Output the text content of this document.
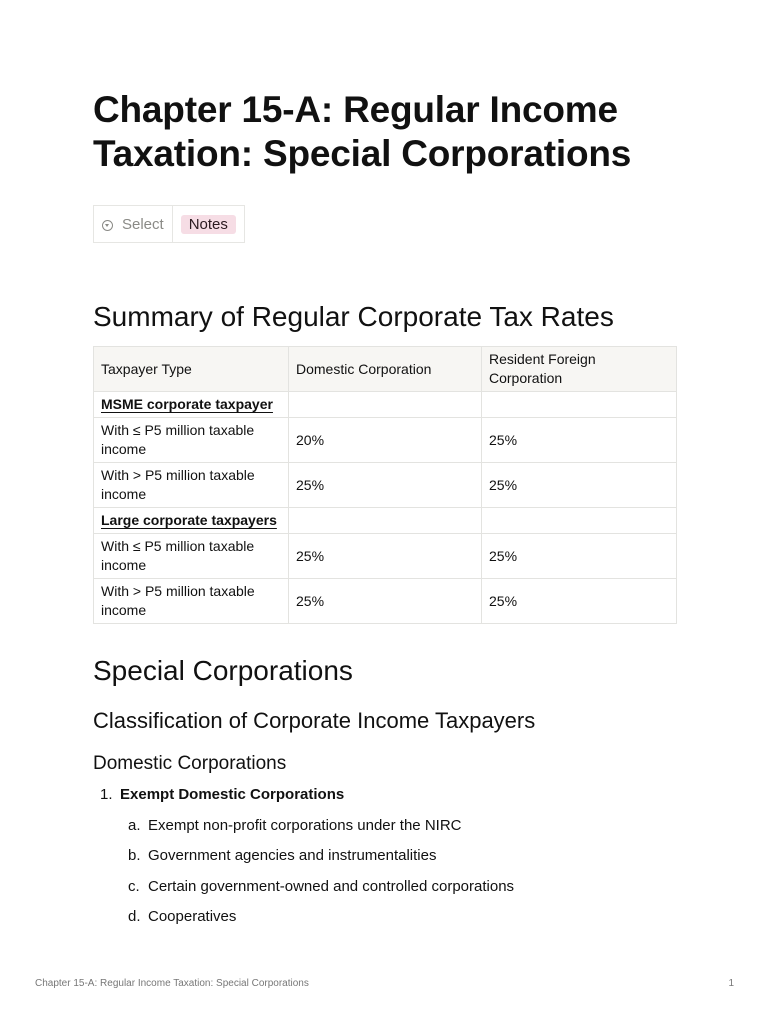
Chapter 15-A: Regular Income Taxation: Special Corporations
Select	Notes
Summary of Regular Corporate Tax Rates
Taxpayer Type	Domestic Corporation	Resident Foreign Corporation
MSME corporate taxpayer		
With ≤ P5 million taxable income	20%	25%
With > P5 million taxable income	25%	25%
Large corporate taxpayers		
With ≤ P5 million taxable income	25%	25%
With > P5 million taxable income	25%	25%
Special Corporations
Classification of Corporate Income Taxpayers
Domestic Corporations
1. Exempt Domestic Corporations
a. Exempt non-profit corporations under the NIRC
b. Government agencies and instrumentalities
c. Certain government-owned and controlled corporations
d. Cooperatives
Chapter 15-A: Regular Income Taxation: Special Corporations	1
